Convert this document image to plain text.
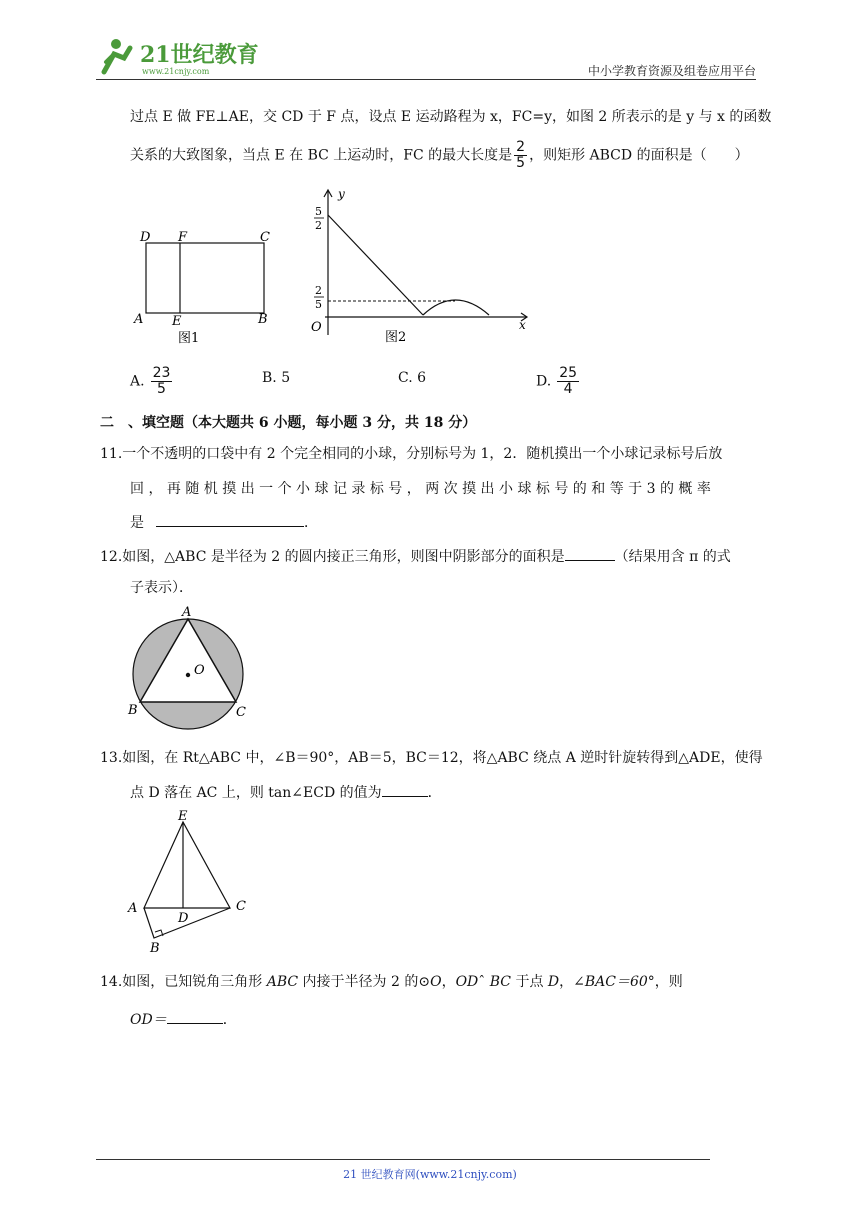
21世纪教育
www.21cnjy.com	中小学教育资源及组卷应用平台
过点 E 做 FE⊥AE，交 CD 于 F 点，设点 E 运动路程为 x，FC=y，如图 2 所表示的是 y 与 x 的函数
关系的大致图象，当点 E 在 BC 上运动时，FC 的最大长度是 $\frac{2}{5}$ ，则矩形 ABCD 的面积是（　　）
D F	C
A E	B
图1
y
x
O
5
2
2
5
图2
A. $\frac{23}{5}$	B. 5	C. 6	D. $\frac{25}{4}$
二　、填空题（本大题共 6 小题，每小题 3 分，共 18 分）
11.一个不透明的口袋中有 2 个完全相同的小球，分别标号为 1，2．随机摸出一个小球记录标号后放
回 ， 再 随 机 摸 出 一 个 小 球 记 录 标 号 ， 两 次 摸 出 小 球 标 号 的 和 等 于 3 的 概 率
是	．
12.如图，△ABC 是半径为 2 的圆内接正三角形，则图中阴影部分的面积是	（结果用含 π 的式
子表示）．
A
B	C
O
13.如图，在 Rt△ABC 中，∠B＝90°，AB＝5，BC＝12，将△ABC 绕点 A 逆时针旋转得到△ADE，使得
点 D 落在 AC 上，则 tan∠ECD 的值为	．
E
A
D
C
B
14.如图，已知锐角三角形 ABC 内接于半径为 2 的⊙O，ODˆ BC 于点 D，∠BAC＝60°，则
OD＝	．
21 世纪教育网(www.21cnjy.com)
